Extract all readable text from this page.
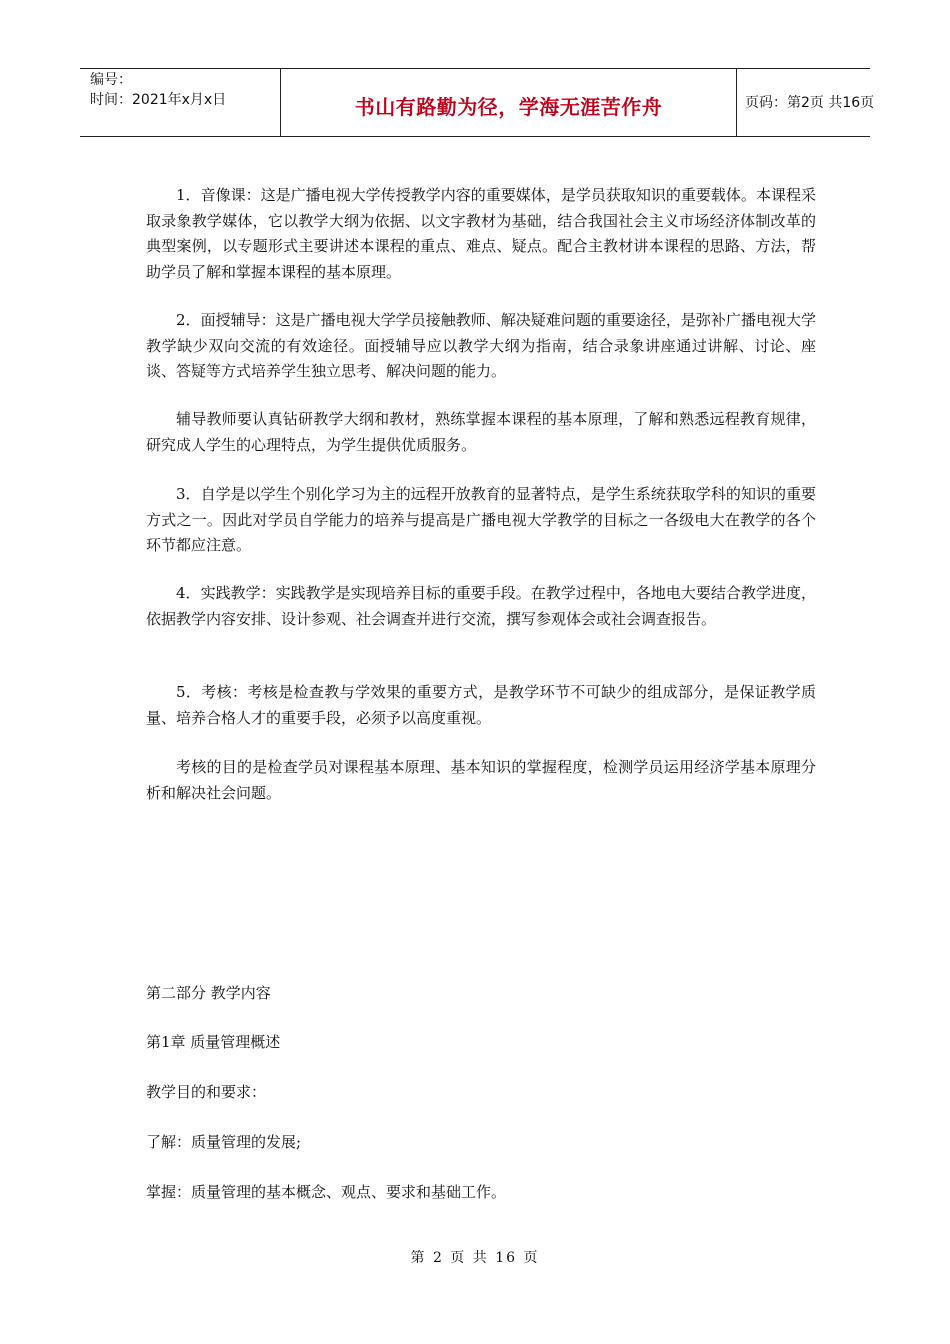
编号：
时间：2021年x月x日	书山有路勤为径，学海无涯苦作舟	页码：第2页 共16页

1．音像课：这是广播电视大学传授教学内容的重要媒体，是学员获取知识的重要载体。本课程采取录象教学媒体，它以教学大纲为依据、以文字教材为基础，结合我国社会主义市场经济体制改革的典型案例，以专题形式主要讲述本课程的重点、难点、疑点。配合主教材讲本课程的思路、方法，帮助学员了解和掌握本课程的基本原理。

2．面授辅导：这是广播电视大学学员接触教师、解决疑难问题的重要途径，是弥补广播电视大学教学缺少双向交流的有效途径。面授辅导应以教学大纲为指南，结合录象讲座通过讲解、讨论、座谈、答疑等方式培养学生独立思考、解决问题的能力。

辅导教师要认真钻研教学大纲和教材，熟练掌握本课程的基本原理，了解和熟悉远程教育规律，研究成人学生的心理特点，为学生提供优质服务。

3．自学是以学生个别化学习为主的远程开放教育的显著特点，是学生系统获取学科的知识的重要方式之一。因此对学员自学能力的培养与提高是广播电视大学教学的目标之一各级电大在教学的各个环节都应注意。

4．实践教学：实践教学是实现培养目标的重要手段。在教学过程中，各地电大要结合教学进度，依据教学内容安排、设计参观、社会调查并进行交流，撰写参观体会或社会调查报告。

5．考核：考核是检查教与学效果的重要方式，是教学环节不可缺少的组成部分，是保证教学质量、培养合格人才的重要手段，必须予以高度重视。

考核的目的是检查学员对课程基本原理、基本知识的掌握程度，检测学员运用经济学基本原理分析和解决社会问题。

第二部分 教学内容

第1章 质量管理概述

教学目的和要求：

了解：质量管理的发展;

掌握：质量管理的基本概念、观点、要求和基础工作。

第 2 页 共 16 页
